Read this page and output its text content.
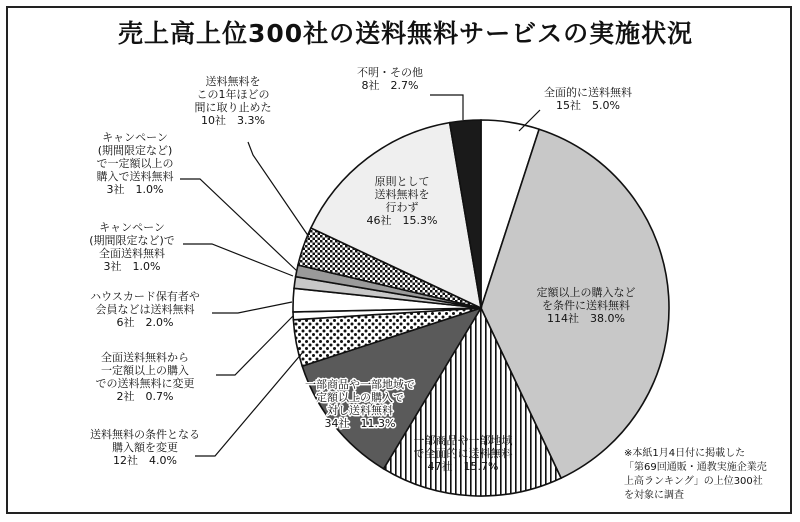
売上高上位300社の送料無料サービスの実施状況
全面的に送料無料 15社　5.0%
定額以上の購入などを条件に送料無料 114社　38.0%
一部商品や一部地域で全面的に送料無料 47社　15.7%
一部商品や一部地域で定額以上の購入で対し送料無料 34社　11.3%
送料無料の条件となる購入額を変更 12社　4.0%
全面送料無料から一定額以上の購入での送料無料に変更 2社　0.7%
ハウスカード保有者や会員などは送料無料 6社　2.0%
キャンペーン(期間限定など)で全面送料無料 3社　1.0%
キャンペーン(期間限定など)で一定額以上の購入で送料無料 3社　1.0%
送料無料をこの1年ほどの間に取り止めた 10社　3.3%
原則として送料無料を行わず 46社　15.3%
不明・その他 8社　2.7%
※本紙1月4日付に掲載した
「第69回通販・通教実施企業売
上高ランキング」の上位300社
を対象に調査
